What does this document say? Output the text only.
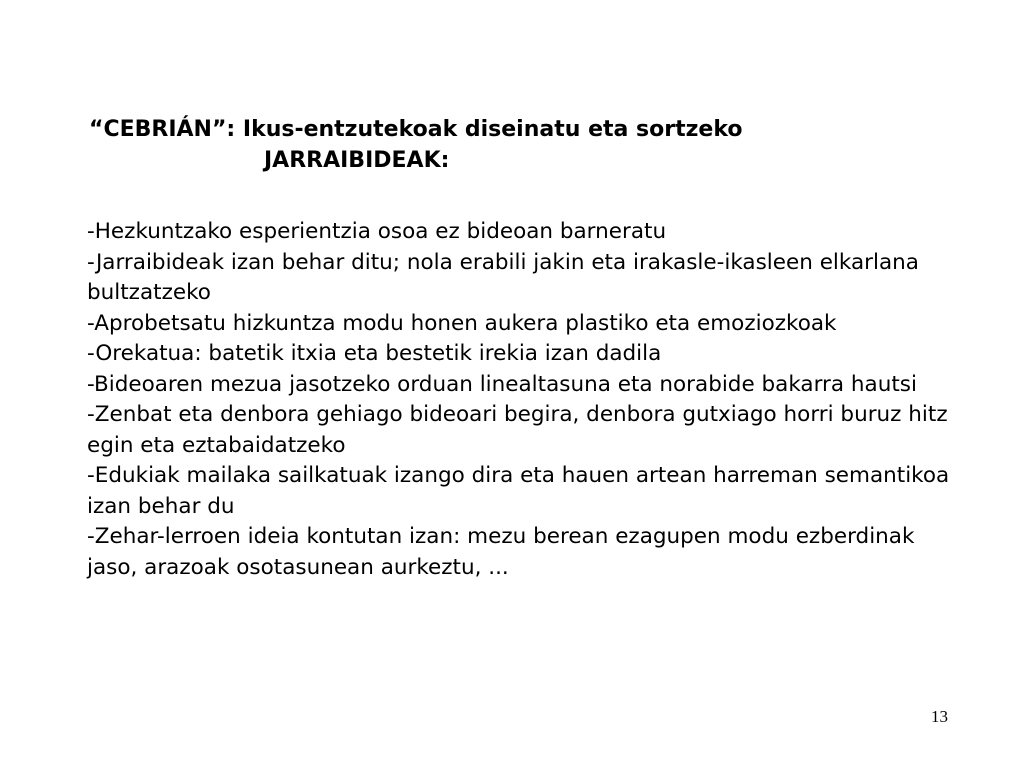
“CEBRIÁN”: Ikus-entzutekoak diseinatu eta sortzeko
JARRAIBIDEAK:

-Hezkuntzako esperientzia osoa ez bideoan barneratu

-Jarraibideak izan behar ditu; nola erabili jakin eta irakasle-ikasleen elkarlana bultzatzeko

-Aprobetsatu hizkuntza modu honen aukera plastiko eta emoziozkoak

-Orekatua: batetik itxia eta bestetik irekia izan dadila

-Bideoaren mezua jasotzeko orduan linealtasuna eta norabide bakarra hautsi

-Zenbat eta denbora gehiago bideoari begira, denbora gutxiago horri buruz hitz egin eta eztabaidatzeko

-Edukiak mailaka sailkatuak izango dira eta hauen artean harreman semantikoa izan behar du

-Zehar-lerroen ideia kontutan izan: mezu berean ezagupen modu ezberdinak jaso, arazoak osotasunean aurkeztu, ...

13
